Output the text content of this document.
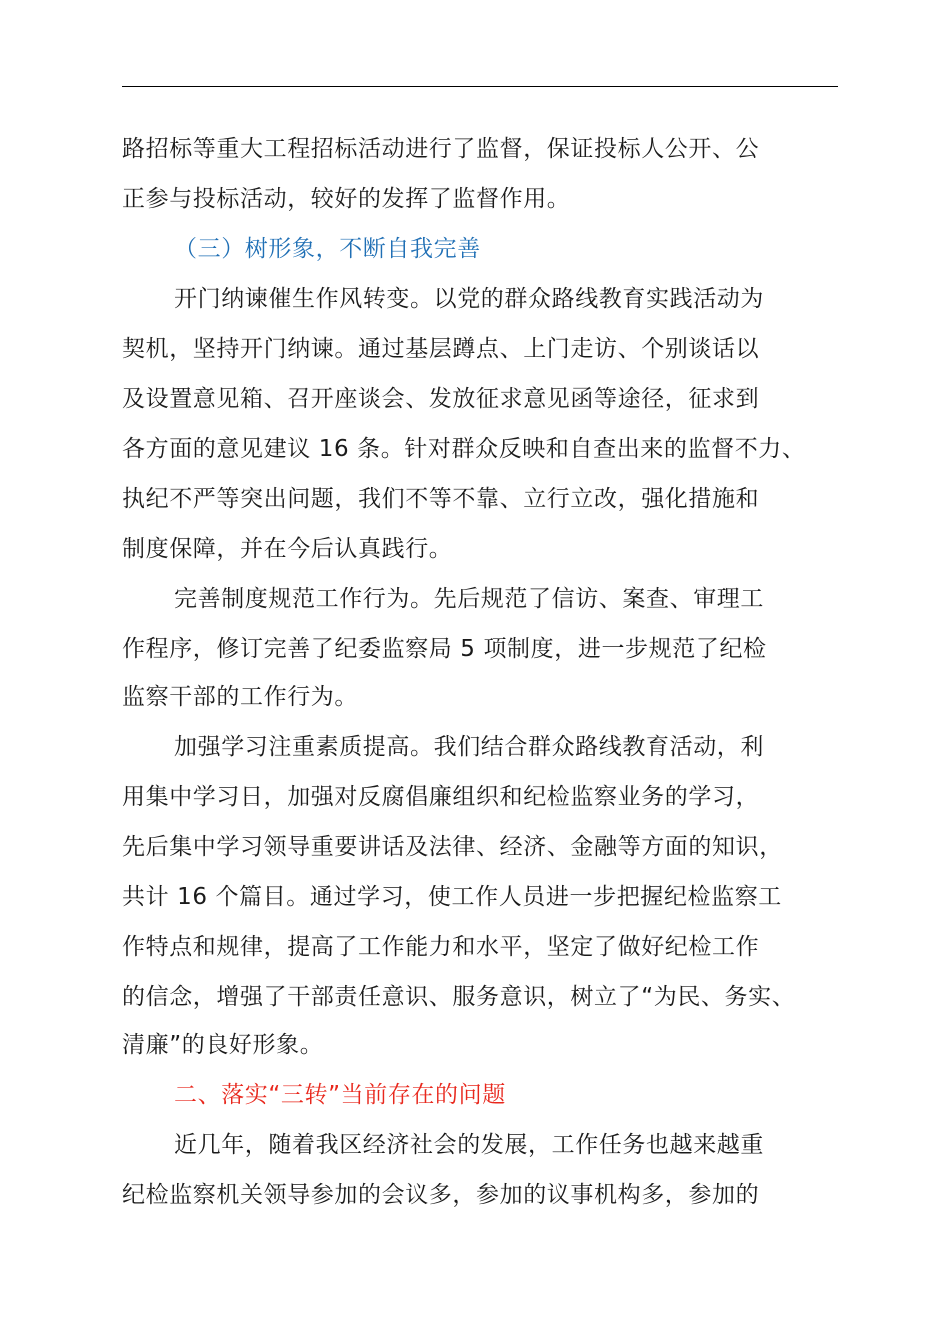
路招标等重大工程招标活动进行了监督，保证投标人公开、公
正参与投标活动，较好的发挥了监督作用。
（三）树形象，不断自我完善
开门纳谏催生作风转变。以党的群众路线教育实践活动为
契机，坚持开门纳谏。通过基层蹲点、上门走访、个别谈话以
及设置意见箱、召开座谈会、发放征求意见函等途径，征求到
各方面的意见建议 16 条。针对群众反映和自查出来的监督不力、
执纪不严等突出问题，我们不等不靠、立行立改，强化措施和
制度保障，并在今后认真践行。
完善制度规范工作行为。先后规范了信访、案查、审理工
作程序，修订完善了纪委监察局 5 项制度，进一步规范了纪检
监察干部的工作行为。
加强学习注重素质提高。我们结合群众路线教育活动，利
用集中学习日，加强对反腐倡廉组织和纪检监察业务的学习，
先后集中学习领导重要讲话及法律、经济、金融等方面的知识，
共计 16 个篇目。通过学习，使工作人员进一步把握纪检监察工
作特点和规律，提高了工作能力和水平，坚定了做好纪检工作
的信念，增强了干部责任意识、服务意识，树立了“为民、务实、
清廉”的良好形象。
二、落实“三转”当前存在的问题
近几年，随着我区经济社会的发展，工作任务也越来越重
纪检监察机关领导参加的会议多，参加的议事机构多，参加的
